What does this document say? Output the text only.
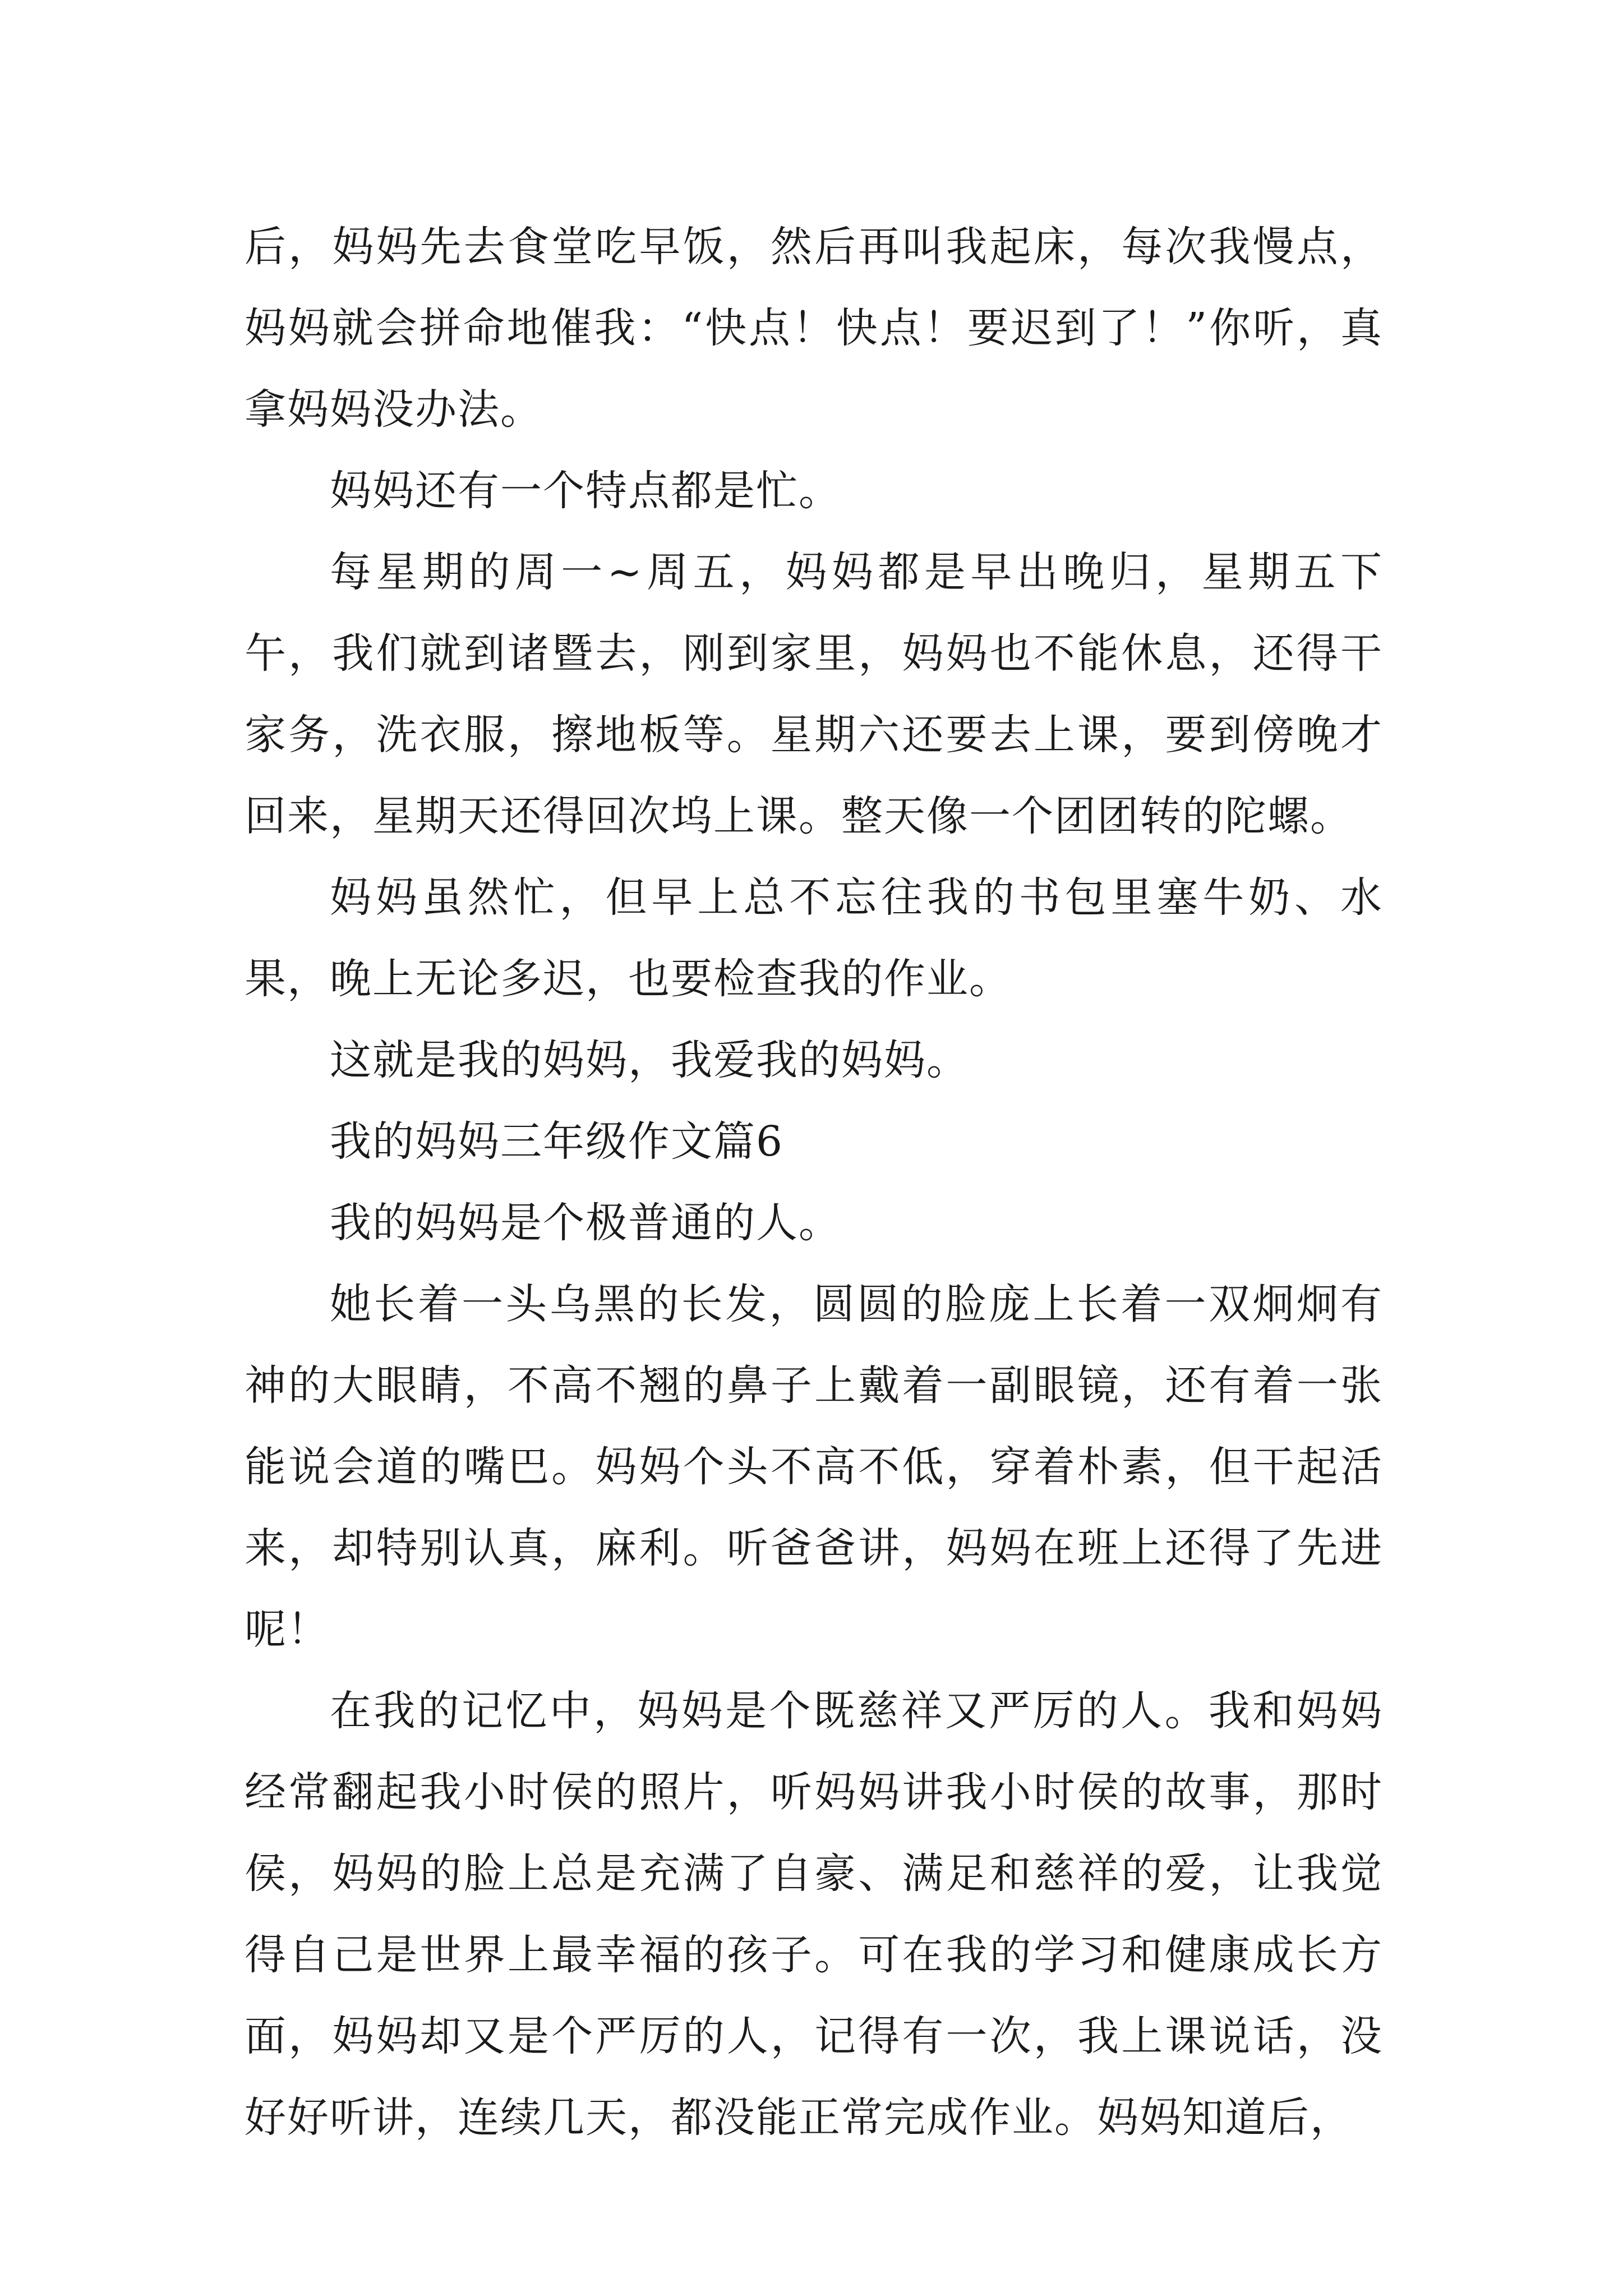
后，妈妈先去食堂吃早饭，然后再叫我起床，每次我慢点，妈妈就会拼命地催我：“快点！快点！要迟到了！”你听，真拿妈妈没办法。

妈妈还有一个特点都是忙。

每星期的周一~周五，妈妈都是早出晚归，星期五下午，我们就到诸暨去，刚到家里，妈妈也不能休息，还得干家务，洗衣服，擦地板等。星期六还要去上课，要到傍晚才回来，星期天还得回次坞上课。整天像一个团团转的陀螺。

妈妈虽然忙，但早上总不忘往我的书包里塞牛奶、水果，晚上无论多迟，也要检查我的作业。

这就是我的妈妈，我爱我的妈妈。

我的妈妈三年级作文篇6

我的妈妈是个极普通的人。

她长着一头乌黑的长发，圆圆的脸庞上长着一双炯炯有神的大眼睛，不高不翘的鼻子上戴着一副眼镜，还有着一张能说会道的嘴巴。妈妈个头不高不低，穿着朴素，但干起活来，却特别认真，麻利。听爸爸讲，妈妈在班上还得了先进呢！

在我的记忆中，妈妈是个既慈祥又严厉的人。我和妈妈经常翻起我小时侯的照片，听妈妈讲我小时侯的故事，那时侯，妈妈的脸上总是充满了自豪、满足和慈祥的爱，让我觉得自己是世界上最幸福的孩子。可在我的学习和健康成长方面，妈妈却又是个严厉的人，记得有一次，我上课说话，没好好听讲，连续几天，都没能正常完成作业。妈妈知道后，
